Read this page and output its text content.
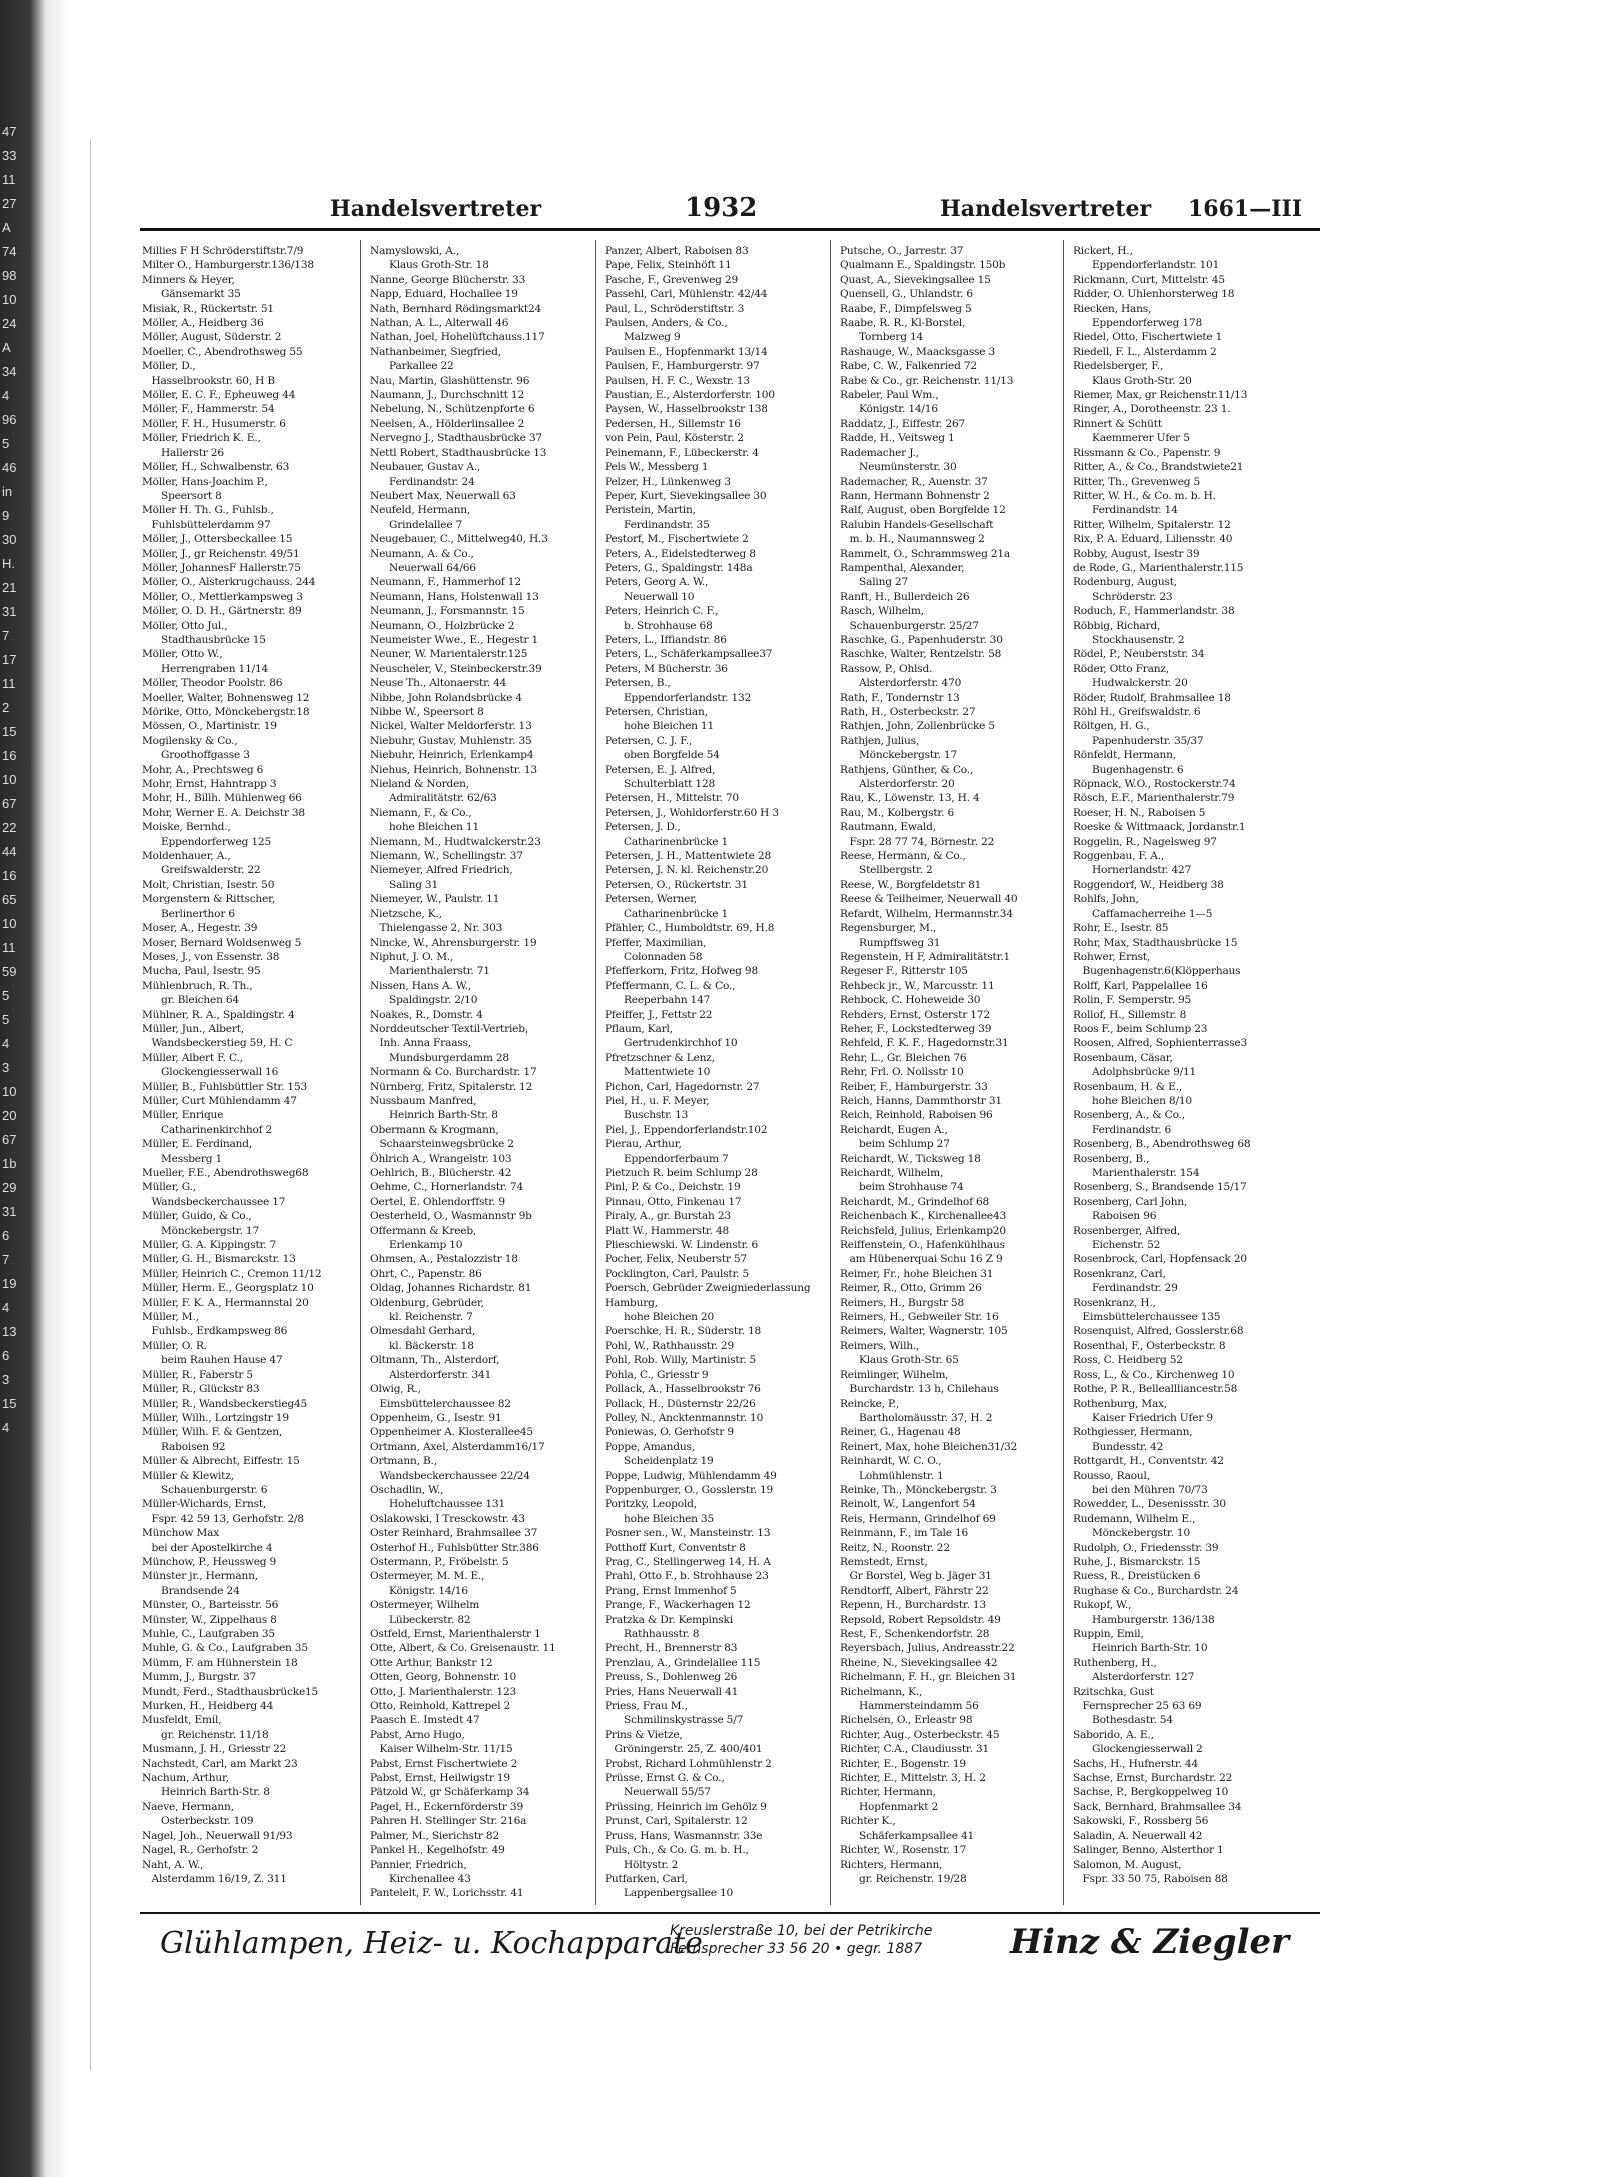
47
33
11
27
A
74
98
10
24
A
34
4
96
5
46
in
9
30
H.
21
31
7
17
11
2
15
16
10
67
22
44
16
65
10
11
59
5
5
4
3
10
20
67
1b
29
31
6
7
19
4
13
6
3
15
4
Handelsvertreter	1932	Handelsvertreter 1661—III
Millies F H Schröderstiftstr.7/9
Milter O., Hamburgerstr.136/138
Minners & Heyer,
Gänsemarkt 35
Misiak, R., Rückertstr. 51
Möller, A., Heidberg 36
Möller, August, Süderstr. 2
Moeller, C., Abendrothsweg 55
Möller, D.,
Hasselbrookstr. 60, H B
Möller, E. C. F., Epheuweg 44
Möller, F., Hammerstr. 54
Möller, F. H., Husumerstr. 6
Möller, Friedrich K. E.,
Hallerstr 26
Möller, H., Schwalbenstr. 63
Möller, Hans-Joachim P.,
Speersort 8
Möller H. Th. G., Fuhlsb.,
Fuhlsbüttelerdamm 97
Möller, J., Ottersbeckallee 15
Möller, J., gr Reichenstr. 49/51
Möller, JohannesF Hallerstr.75
Möller, O., Alsterkrugchauss. 244
Möller, O., Mettlerkampsweg 3
Möller, O. D. H., Gärtnerstr. 89
Möller, Otto Jul.,
Stadthausbrücke 15
Möller, Otto W.,
Herrengraben 11/14
Möller, Theodor Poolstr. 86
Moeller, Walter, Bohnensweg 12
Mörike, Otto, Mönckebergstr.18
Mössen, O., Martinistr. 19
Mogilensky & Co.,
Groothoffgasse 3
Mohr, A., Prechtsweg 6
Mohr, Ernst, Hahntrapp 3
Mohr, H., Billh. Mühlenweg 66
Mohr, Werner E. A. Deichstr 38
Moiske, Bernhd.,
Eppendorferweg 125
Moldenhauer, A.,
Greifswalderstr. 22
Molt, Christian, Isestr. 50
Morgenstern & Rittscher,
Berlinerthor 6
Moser, A., Hegestr. 39
Moser, Bernard Woldsenweg 5
Moses, J., von Essenstr. 38
Mucha, Paul, Isestr. 95
Mühlenbruch, R. Th.,
gr. Bleichen 64
Mühlner, R. A., Spaldingstr. 4
Müller, Jun., Albert,
Wandsbeckerstieg 59, H. C
Müller, Albert F. C.,
Glockengiesserwall 16
Müller, B., Fuhlsbüttler Str. 153
Müller, Curt Mühlendamm 47
Müller, Enrique
Catharinenkirchhof 2
Müller, E. Ferdinand,
Messberg 1
Mueller, F.E., Abendrothsweg68
Müller, G.,
Wandsbeckerchaussee 17
Müller, Guido, & Co.,
Mönckebergstr. 17
Müller, G. A. Kippingstr. 7
Müller, G. H., Bismarckstr. 13
Müller, Heinrich C., Cremon 11/12
Müller, Herm. E., Georgsplatz 10
Müller, F. K. A., Hermannstal 20
Müller, M.,
Fuhlsb., Erdkampsweg 86
Müller, O. R.
beim Rauhen Hause 47
Müller, R., Faberstr 5
Müller, R., Glückstr 83
Müller, R., Wandsbeckerstieg45
Müller, Wilh., Lortzingstr 19
Müller, Wilh. F. & Gentzen,
Raboisen 92
Müller & Albrecht, Eiffestr. 15
Müller & Klewitz,
Schauenburgerstr. 6
Müller-Wichards, Ernst,
Fspr. 42 59 13, Gerhofstr. 2/8
Münchow Max
bei der Apostelkirche 4
Münchow, P., Heussweg 9
Münster jr., Hermann,
Brandsende 24
Münster, O., Barteisstr. 56
Münster, W., Zippelhaus 8
Muhle, C., Laufgraben 35
Muhle, G. & Co., Laufgraben 35
Mümm, F. am Hühnerstein 18
Mumm, J., Burgstr. 37
Mundt, Ferd., Stadthausbrücke15
Murken, H., Heidberg 44
Musfeldt, Emil,
gr. Reichenstr. 11/18
Musmann, J. H., Griesstr 22
Nachstedt, Carl, am Markt 23
Nachum, Arthur,
Heinrich Barth-Str. 8
Naeve, Hermann,
Osterbeckstr. 109
Nagel, Joh., Neuerwall 91/93
Nagel, R., Gerhofstr. 2
Naht, A. W.,
Alsterdamm 16/19, Z. 311
Namyslowski, A.,
Klaus Groth-Str. 18
Nanne, George Blücherstr. 33
Napp, Eduard, Hochallee 19
Nath, Bernhard Rödingsmarkt24
Nathan, A. L., Alterwall 46
Nathan, Joel, Hohelüftchauss.117
Nathanbeimer, Siegfried,
Parkallee 22
Nau, Martin, Glashüttenstr. 96
Naumann, J., Durchschnitt 12
Nebelung, N., Schützenpforte 6
Neelsen, A., Hölderlinsallee 2
Nervegno J., Stadthausbrücke 37
Nettl Robert, Stadthausbrücke 13
Neubauer, Gustav A.,
Ferdinandstr. 24
Neubert Max, Neuerwall 63
Neufeld, Hermann,
Grindelallee 7
Neugebauer, C., Mittelweg40, H.3
Neumann, A. & Co.,
Neuerwall 64/66
Neumann, F., Hammerhof 12
Neumann, Hans, Holstenwall 13
Neumann, J., Forsmannstr. 15
Neumann, O., Holzbrücke 2
Neumeister Wwe., E., Hegestr 1
Neuner, W. Marientalerstr.125
Neuscheler, V., Steinbeckerstr.39
Neuse Th., Altonaerstr. 44
Nibbe, John Rolandsbrücke 4
Nibbe W., Speersort 8
Nickel, Walter Meldorferstr. 13
Niebuhr, Gustav, Muhlenstr. 35
Niebuhr, Heinrich, Erlenkamp4
Niehus, Heinrich, Bohnenstr. 13
Nieland & Norden,
Admiralitätstr. 62/63
Niemann, F., & Co.,
hohe Bleichen 11
Niemann, M., Hudtwalckerstr.23
Niemann, W., Schellingstr. 37
Niemeyer, Alfred Friedrich,
Saling 31
Niemeyer, W., Paulstr. 11
Nietzsche, K.,
Thielengasse 2, Nr. 303
Nincke, W., Ahrensburgerstr. 19
Niphut, J. O. M.,
Marienthalerstr. 71
Nissen, Hans A. W.,
Spaldingstr. 2/10
Noakes, R., Domstr. 4
Norddeutscher Textil-Vertrieb,
Inh. Anna Fraass,
Mundsburgerdamm 28
Normann & Co. Burchardstr. 17
Nürnberg, Fritz, Spitalerstr. 12
Nussbaum Manfred,
Heinrich Barth-Str. 8
Obermann & Krogmann,
Schaarsteinwegsbrücke 2
Öhlrich A., Wrangelstr. 103
Oehlrich, B., Blücherstr. 42
Oehme, C., Hornerlandstr. 74
Oertel, E. Ohlendorffstr. 9
Oesterheld, O., Wasmannstr 9b
Offermann & Kreeb,
Erlenkamp 10
Ohmsen, A., Pestalozzistr 18
Ohrt, C., Papenstr. 86
Oldag, Johannes Richardstr. 81
Oldenburg, Gebrüder,
kl. Reichenstr. 7
Olmesdahl Gerhard,
kl. Bäckerstr. 18
Oltmann, Th., Alsterdorf,
Alsterdorferstr. 341
Olwig, R.,
Eimsbüttelerchaussee 82
Oppenheim, G., Isestr. 91
Oppenheimer A. Klosterallee45
Ortmann, Axel, Alsterdamm16/17
Ortmann, B.,
Wandsbeckerchaussee 22/24
Oschadlin, W.,
Hoheluftchaussee 131
Oslakowski, I Tresckowstr. 43
Oster Reinhard, Brahmsallee 37
Osterhof H., Fuhlsbütter Str.386
Ostermann, P., Fröbelstr. 5
Ostermeyer, M. M. E.,
Königstr. 14/16
Ostermeyer, Wilhelm
Lübeckerstr. 82
Ostfeld, Ernst, Marienthalerstr 1
Otte, Albert, & Co. Greisenaustr. 11
Otte Arthur, Bankstr 12
Otten, Georg, Bohnenstr. 10
Otto, J. Marienthalerstr. 123
Otto, Reinhold, Kattrepel 2
Paasch E. Imstedt 47
Pabst, Arno Hugo,
Kaiser Wilhelm-Str. 11/15
Pabst, Ernst Fischertwiete 2
Pabst, Ernst, Heilwigstr 19
Pätzold W., gr Schäferkamp 34
Pagel, H., Eckernförderstr 39
Pahren H. Stellinger Str. 216a
Palmer, M., Sierichstr 82
Pankel H., Kegelhofstr. 49
Pannier, Friedrich,
Kirchenallee 43
Pantelelt, F. W., Lorichsstr. 41
Panzer, Albert, Raboisen 83
Pape, Felix, Steinhöft 11
Pasche, F., Grevenweg 29
Passehl, Carl, Mühlenstr. 42/44
Paul, L., Schröderstiftstr. 3
Paulsen, Anders, & Co.,
Malzweg 9
Paulsen E., Hopfenmarkt 13/14
Paulsen, F., Hamburgerstr. 97
Paulsen, H. F. C., Wexstr. 13
Paustian, E., Alsterdorferstr. 100
Paysen, W., Hasselbrookstr 138
Pedersen, H., Sillemstr 16
von Pein, Paul, Kösterstr. 2
Peinemann, F., Lübeckerstr. 4
Pels W., Messberg 1
Pelzer, H., Lünkenweg 3
Peper, Kurt, Sievekingsallee 30
Peristein, Martin,
Ferdinandstr. 35
Pestorf, M., Fischertwiete 2
Peters, A., Eidelstedterweg 8
Peters, G., Spaldingstr. 148a
Peters, Georg A. W.,
Neuerwall 10
Peters, Heinrich C. F.,
b. Strohhause 68
Peters, L., Iffiandstr. 86
Peters, L., Schäferkampsallee37
Peters, M Bücherstr. 36
Petersen, B.,
Eppendorferlandstr. 132
Petersen, Christian,
hohe Bleichen 11
Petersen, C. J. F.,
oben Borgfelde 54
Petersen, E. J. Alfred,
Schulterblatt 128
Petersen, H., Mittelstr. 70
Petersen, J., Wohldorferstr.60 H 3
Petersen, J. D.,
Catharinenbrücke 1
Petersen, J. H., Mattentwiete 28
Petersen, J. N. kl. Reichenstr.20
Petersen, O., Rückertstr. 31
Petersen, Werner,
Catharinenbrücke 1
Pfähler, C., Humboldtstr. 69, H.8
Pfeffer, Maximilian,
Colonnaden 58
Pfefferkorn, Fritz, Hofweg 98
Pfeffermann, C. L. & Co.,
Reeperbahn 147
Pfeiffer, J., Fettstr 22
Pflaum, Karl,
Gertrudenkirchhof 10
Pfretzschner & Lenz,
Mattentwiete 10
Pichon, Carl, Hagedornstr. 27
Piel, H., u. F. Meyer,
Buschstr. 13
Piel, J., Eppendorferlandstr.102
Pierau, Arthur,
Eppendorferbaum 7
Pietzuch R. beim Schlump 28
Pinl, P. & Co., Deichstr. 19
Pinnau, Otto, Finkenau 17
Piraly, A., gr. Burstah 23
Platt W., Hammerstr. 48
Plieschiewski. W. Lindenstr. 6
Pocher, Felix, Neuberstr 57
Pocklington, Carl, Paulstr. 5
Poersch, Gebrüder Zweigniederlassung Hamburg,
hohe Bleichen 20
Poerschke, H. R., Süderstr. 18
Pohl, W., Rathhausstr. 29
Pohl, Rob. Willy, Martinistr. 5
Pohla, C., Griesstr 9
Pollack, A., Hasselbrookstr 76
Pollack, H., Düsternstr 22/26
Polley, N., Ancktenmannstr. 10
Poniewas, O. Gerhofstr 9
Poppe, Amandus,
Scheidenplatz 19
Poppe, Ludwig, Mühlendamm 49
Poppenburger, O., Gosslerstr. 19
Poritzky, Leopold,
hohe Bleichen 35
Posner sen., W., Mansteinstr. 13
Potthoff Kurt, Conventstr 8
Prag, C., Stellingerweg 14, H. A
Prahl, Otto F., b. Strohhause 23
Prang, Ernst Immenhof 5
Prange, F., Wackerhagen 12
Pratzka & Dr. Kempinski
Rathhausstr. 8
Precht, H., Brennerstr 83
Prenzlau, A., Grindelallee 115
Preuss, S., Dohlenweg 26
Pries, Hans Neuerwall 41
Priess, Frau M.,
Schmilinskystrasse 5/7
Prins & Vietze,
Gröningerstr. 25, Z. 400/401
Probst, Richard Lohmühlenstr 2
Prüsse, Ernst G. & Co.,
Neuerwall 55/57
Prüssing, Heinrich im Gehölz 9
Prunst, Carl, Spitalerstr. 12
Pruss, Hans, Wasmannstr. 33e
Puls, Ch., & Co. G. m. b. H.,
Höltystr. 2
Putfarken, Carl,
Lappenbergsallee 10
Putsche, O., Jarrestr. 37
Qualmann E., Spaldingstr. 150b
Quast, A., Sievekingsallee 15
Quensell, G., Uhlandstr. 6
Raabe, F., Dimpfelsweg 5
Raabe, R. R., Kl-Borstel,
Tornberg 14
Rashauge, W., Maacksgasse 3
Rabe, C. W., Falkenried 72
Rabe & Co., gr. Reichenstr. 11/13
Rabeler, Paul Wm.,
Königstr. 14/16
Raddatz, J., Eiffestr. 267
Radde, H., Veitsweg 1
Rademacher J.,
Neumünsterstr. 30
Rademacher, R., Auenstr. 37
Rann, Hermann Bohnenstr 2
Ralf, August, oben Borgfelde 12
Ralubin Handels-Gesellschaft
m. b. H., Naumannsweg 2
Rammelt, O., Schrammsweg 21a
Rampenthal, Alexander,
Saling 27
Ranft, H., Bullerdeich 26
Rasch, Wilhelm,
Schauenburgerstr. 25/27
Raschke, G., Papenhuderstr. 30
Raschke, Walter, Rentzelstr. 58
Rassow, P., Ohlsd.
Alsterdorferstr. 470
Rath, F., Tondernstr 13
Rath, H., Osterbeckstr. 27
Rathjen, John, Zollenbrücke 5
Rathjen, Julius,
Mönckebergstr. 17
Rathjens, Günther, & Co.,
Alsterdorferstr. 20
Rau, K., Löwenstr. 13, H. 4
Rau, M., Kolbergstr. 6
Rautmann, Ewald,
Fspr. 28 77 74, Börnestr. 22
Reese, Hermann, & Co.,
Stellbergstr. 2
Reese, W., Borgfeldetstr 81
Reese & Teilheimer, Neuerwall 40
Refardt, Wilhelm, Hermannstr.34
Regensburger, M.,
Rumpffsweg 31
Regenstein, H F, Admiralitätstr.1
Regeser F., Ritterstr 105
Rehbeck jr., W., Marcusstr. 11
Rehbock, C. Hoheweide 30
Rehders, Ernst, Osterstr 172
Reher, F., Lockstedterweg 39
Rehfeld, F. K. F., Hagedornstr.31
Rehr, L., Gr. Bleichen 76
Rehr, Frl. O. Nollsstr 10
Reiber, F., Hamburgerstr. 33
Reich, Hanns, Dammthorstr 31
Reich, Reinhold, Raboisen 96
Reichardt, Eugen A.,
beim Schlump 27
Reichardt, W., Ticksweg 18
Reichardt, Wilhelm,
beim Strohhause 74
Reichardt, M., Grindelhof 68
Reichenbach K., Kirchenallee43
Reichsfeld, Julius, Erlenkamp20
Reiffenstein, O., Hafenkühlhaus
am Hübenerquai Schu 16 Z 9
Reimer, Fr., hohe Bleichen 31
Reimer, R., Otto, Grimm 26
Reimers, H., Burgstr 58
Reimers, H., Gebweiler Str. 16
Reimers, Walter, Wagnerstr. 105
Reimers, Wilh.,
Klaus Groth-Str. 65
Reimlinger, Wilhelm,
Burchardstr. 13 h, Chilehaus
Reincke, P.,
Bartholomäusstr. 37, H. 2
Reiner, G., Hagenau 48
Reinert, Max, hohe Bleichen31/32
Reinhardt, W. C. O.,
Lohmühlenstr. 1
Reinke, Th., Mönckebergstr. 3
Reinolt, W., Langenfort 54
Reis, Hermann, Grindelhof 69
Reinmann, F., im Tale 16
Reitz, N., Roonstr. 22
Remstedt, Ernst,
Gr Borstel, Weg b. Jäger 31
Rendtorff, Albert, Fährstr 22
Repenn, H., Burchardstr. 13
Repsold, Robert Repsoldstr. 49
Rest, F., Schenkendorfstr. 28
Reyersbach, Julius, Andreasstr.22
Rheine, N., Sievekingsallee 42
Richelmann, F. H., gr. Bleichen 31
Richelmann, K.,
Hammersteindamm 56
Richelsen, O., Erleastr 98
Richter, Aug., Osterbeckstr. 45
Richter, C.A., Claudiusstr. 31
Richter, E., Bogenstr. 19
Richter, E., Mittelstr. 3, H. 2
Richter, Hermann,
Hopfenmarkt 2
Richter K.,
Schäferkampsallee 41
Richter, W., Rosenstr. 17
Richters, Hermann,
gr. Reichenstr. 19/28
Rickert, H.,
Eppendorferlandstr. 101
Rickmann, Curt, Mittelstr. 45
Ridder, O. Uhlenhorsterweg 18
Riecken, Hans,
Eppendorferweg 178
Riedel, Otto, Fischertwiete 1
Riedell, F. L., Alsterdamm 2
Riedelsberger, F.,
Klaus Groth-Str. 20
Riemer, Max, gr Reichenstr.11/13
Ringer, A., Dorotheenstr. 23 1.
Rinnert & Schütt
Kaemmerer Ufer 5
Rissmann & Co., Papenstr. 9
Ritter, A., & Co., Brandstwiete21
Ritter, Th., Grevenweg 5
Ritter, W. H., & Co. m. b. H.
Ferdinandstr. 14
Ritter, Wilhelm, Spitalerstr. 12
Rix, P. A. Eduard, Liliensstr. 40
Robby, August, Isestr 39
de Rode, G., Marienthalerstr.115
Rodenburg, August,
Schröderstr. 23
Roduch, F., Hammerlandstr. 38
Röbbig, Richard,
Stockhausenstr. 2
Rödel, P., Neuberststr. 34
Röder, Otto Franz,
Hudwalckerstr. 20
Röder, Rudolf, Brahmsallee 18
Röhl H., Greifswaldstr. 6
Röltgen, H. G.,
Papenhuderstr. 35/37
Rönfeldt, Hermann,
Bugenhagenstr. 6
Röpnack, W.O., Rostockerstr.74
Rösch, E.F., Marienthalerstr.79
Roeser, H. N., Raboisen 5
Roeske & Wittmaack, Jordanstr.1
Roggelin, R., Nagelsweg 97
Roggenbau, F. A.,
Hornerlandstr. 427
Roggendorf, W., Heidberg 38
Rohlfs, John,
Caffamacherreihe 1—5
Rohr, E., Isestr. 85
Rohr, Max, Stadthausbrücke 15
Rohwer, Ernst,
Bugenhagenstr.6(Klöpperhaus
Rolff, Karl, Pappelallee 16
Rolin, F. Semperstr. 95
Rollof, H., Sillemstr. 8
Roos F., beim Schlump 23
Roosen, Alfred, Sophienterrasse3
Rosenbaum, Cäsar,
Adolphsbrücke 9/11
Rosenbaum, H. & E.,
hohe Bleichen 8/10
Rosenberg, A., & Co.,
Ferdinandstr. 6
Rosenberg, B., Abendrothsweg 68
Rosenberg, B.,
Marienthalerstr. 154
Rosenberg, S., Brandsende 15/17
Rosenberg, Carl John,
Raboisen 96
Rosenberger, Alfred,
Eichenstr. 52
Rosenbrock, Carl, Hopfensack 20
Rosenkranz, Carl,
Ferdinandstr. 29
Rosenkranz, H.,
Eimsbüttelerchaussee 135
Rosenquist, Alfred, Gosslerstr.68
Rosenthal, F., Osterbeckstr. 8
Ross, C. Heidberg 52
Ross, L., & Co., Kirchenweg 10
Rothe, P. R., Belleallliancestr.58
Rothenburg, Max,
Kaiser Friedrich Ufer 9
Rothgiesser, Hermann,
Bundesstr. 42
Rottgardt, H., Conventstr. 42
Rousso, Raoul,
bei den Mühren 70/73
Rowedder, L., Desenissstr. 30
Rudemann, Wilhelm E.,
Mönckebergstr. 10
Rudolph, O., Friedensstr. 39
Ruhe, J., Bismarckstr. 15
Ruess, R., Dreistücken 6
Rughase & Co., Burchardstr. 24
Rukopf, W.,
Hamburgerstr. 136/138
Ruppin, Emil,
Heinrich Barth-Str. 10
Ruthenberg, H.,
Alsterdorferstr. 127
Rzitschka, Gust
Fernsprecher 25 63 69
Bothesdastr. 54
Saborido, A. E.,
Glockengiesserwall 2
Sachs, H., Hufnerstr. 44
Sachse, Ernst, Burchardstr. 22
Sachse, P., Bergkoppelweg 10
Sack, Bernhard, Brahmsallee 34
Sakowski, F., Rossberg 56
Saladin, A. Neuerwall 42
Salinger, Benno, Alsterthor 1
Salomon, M. August,
Fspr. 33 50 75, Raboisen 88
Glühlampen, Heiz- u. Kochapparate
Kreuslerstraße 10, bei der Petrikirche
Fernsprecher 33 56 20 • gegr. 1887	Hinz & Ziegler
